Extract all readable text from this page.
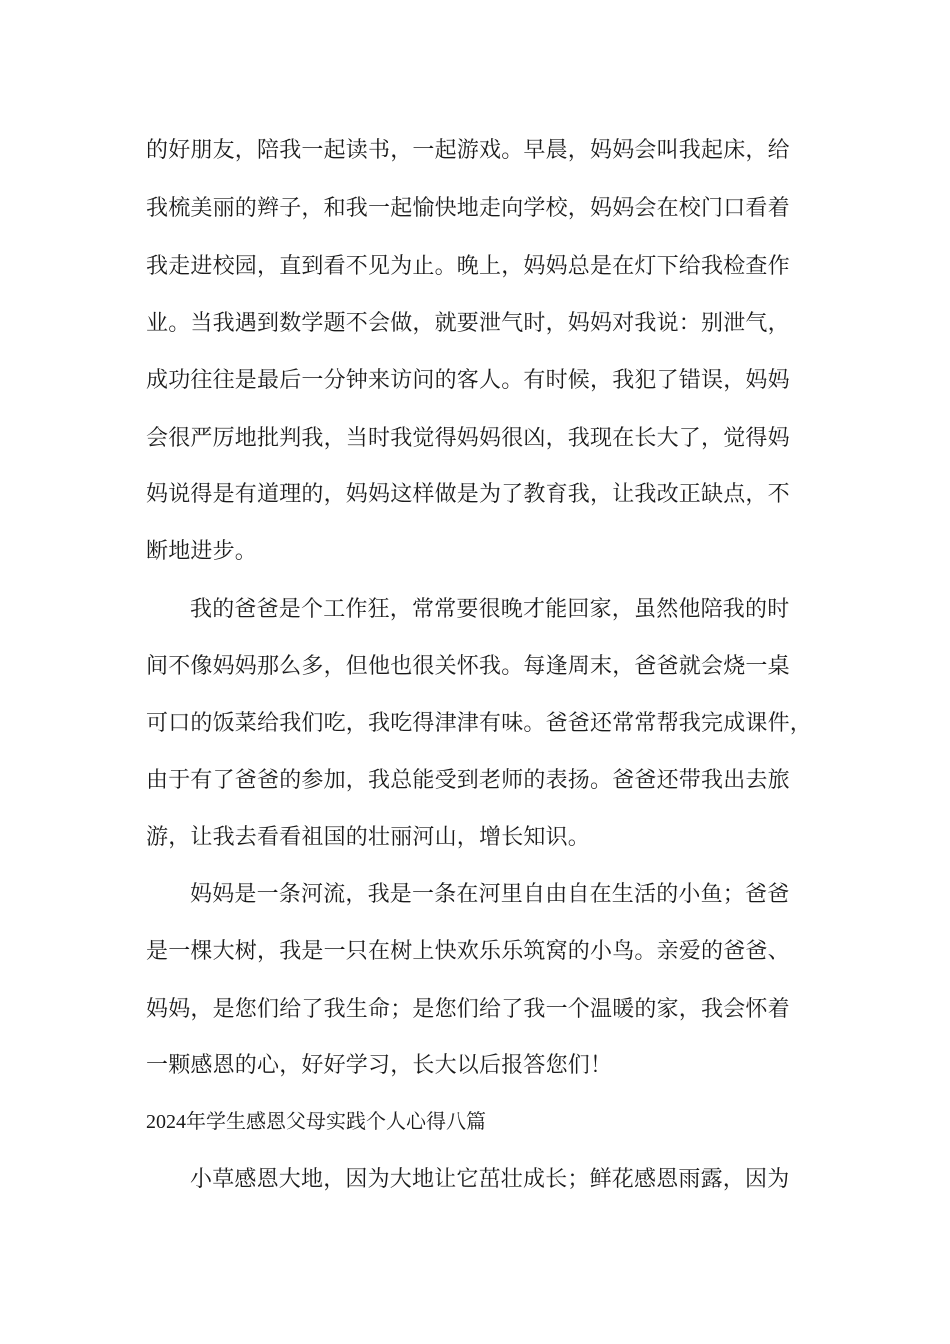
的好朋友，陪我一起读书，一起游戏。早晨，妈妈会叫我起床，给

我梳美丽的辫子，和我一起愉快地走向学校，妈妈会在校门口看着

我走进校园，直到看不见为止。晚上，妈妈总是在灯下给我检查作

业。当我遇到数学题不会做，就要泄气时，妈妈对我说：别泄气，

成功往往是最后一分钟来访问的客人。有时候，我犯了错误，妈妈

会很严厉地批判我，当时我觉得妈妈很凶，我现在长大了，觉得妈

妈说得是有道理的，妈妈这样做是为了教育我，让我改正缺点，不

断地进步。

我的爸爸是个工作狂，常常要很晚才能回家，虽然他陪我的时

间不像妈妈那么多，但他也很关怀我。每逢周末，爸爸就会烧一桌

可口的饭菜给我们吃，我吃得津津有味。爸爸还常常帮我完成课件，

由于有了爸爸的参加，我总能受到老师的表扬。爸爸还带我出去旅

游，让我去看看祖国的壮丽河山，增长知识。

妈妈是一条河流，我是一条在河里自由自在生活的小鱼；爸爸

是一棵大树，我是一只在树上快欢乐乐筑窝的小鸟。亲爱的爸爸、

妈妈，是您们给了我生命；是您们给了我一个温暖的家，我会怀着

一颗感恩的心，好好学习，长大以后报答您们！

2024年学生感恩父母实践个人心得八篇

小草感恩大地，因为大地让它茁壮成长；鲜花感恩雨露，因为
